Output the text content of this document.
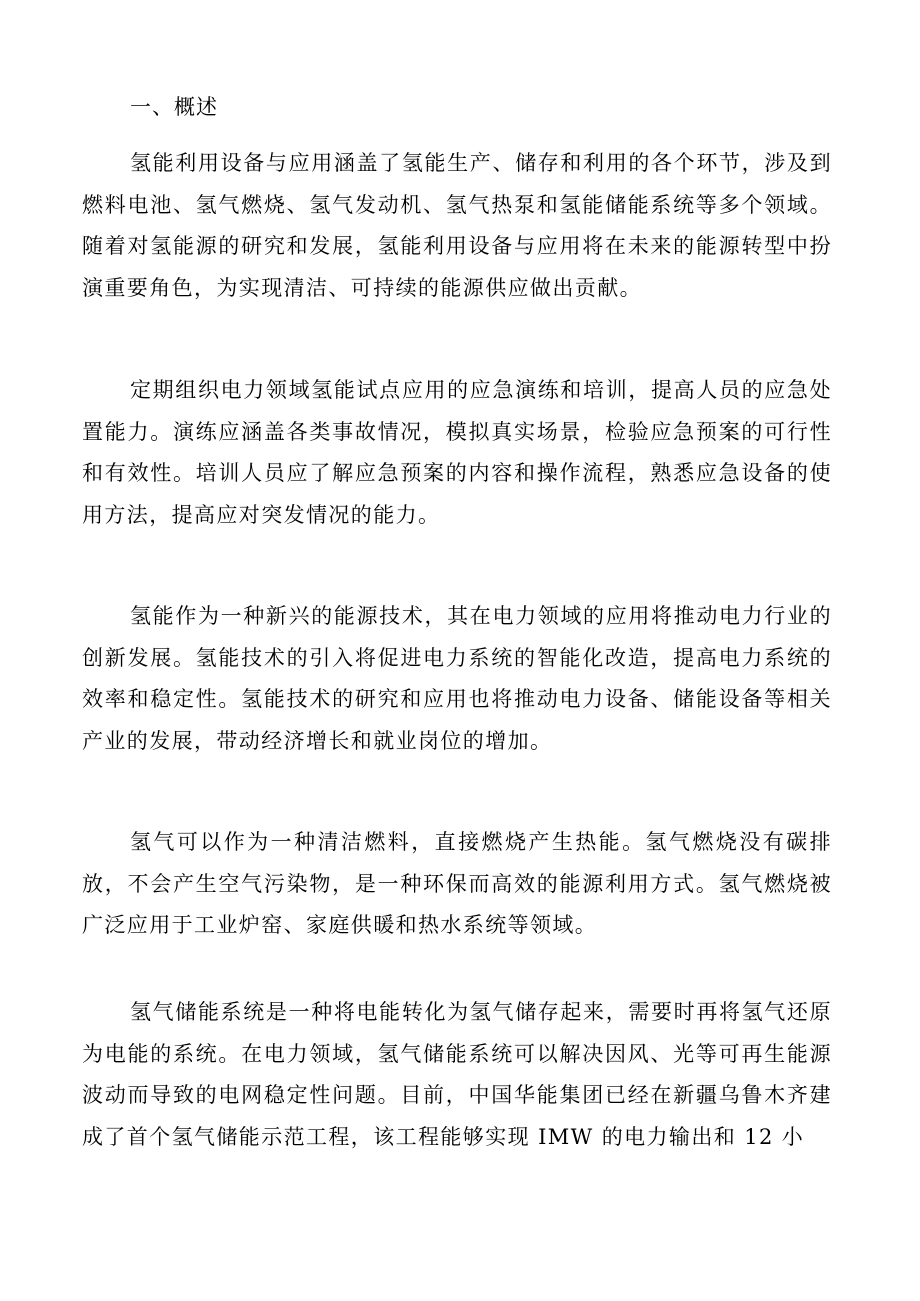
一、概述

氢能利用设备与应用涵盖了氢能生产、储存和利用的各个环节，涉及到燃料电池、氢气燃烧、氢气发动机、氢气热泵和氢能储能系统等多个领域。随着对氢能源的研究和发展，氢能利用设备与应用将在未来的能源转型中扮演重要角色，为实现清洁、可持续的能源供应做出贡献。

定期组织电力领域氢能试点应用的应急演练和培训，提高人员的应急处置能力。演练应涵盖各类事故情况，模拟真实场景，检验应急预案的可行性和有效性。培训人员应了解应急预案的内容和操作流程，熟悉应急设备的使用方法，提高应对突发情况的能力。

氢能作为一种新兴的能源技术，其在电力领域的应用将推动电力行业的创新发展。氢能技术的引入将促进电力系统的智能化改造，提高电力系统的效率和稳定性。氢能技术的研究和应用也将推动电力设备、储能设备等相关产业的发展，带动经济增长和就业岗位的增加。

氢气可以作为一种清洁燃料，直接燃烧产生热能。氢气燃烧没有碳排放，不会产生空气污染物，是一种环保而高效的能源利用方式。氢气燃烧被广泛应用于工业炉窑、家庭供暖和热水系统等领域。

氢气储能系统是一种将电能转化为氢气储存起来，需要时再将氢气还原为电能的系统。在电力领域，氢气储能系统可以解决因风、光等可再生能源波动而导致的电网稳定性问题。目前，中国华能集团已经在新疆乌鲁木齐建成了首个氢气储能示范工程，该工程能够实现 IMW 的电力输出和 12 小
